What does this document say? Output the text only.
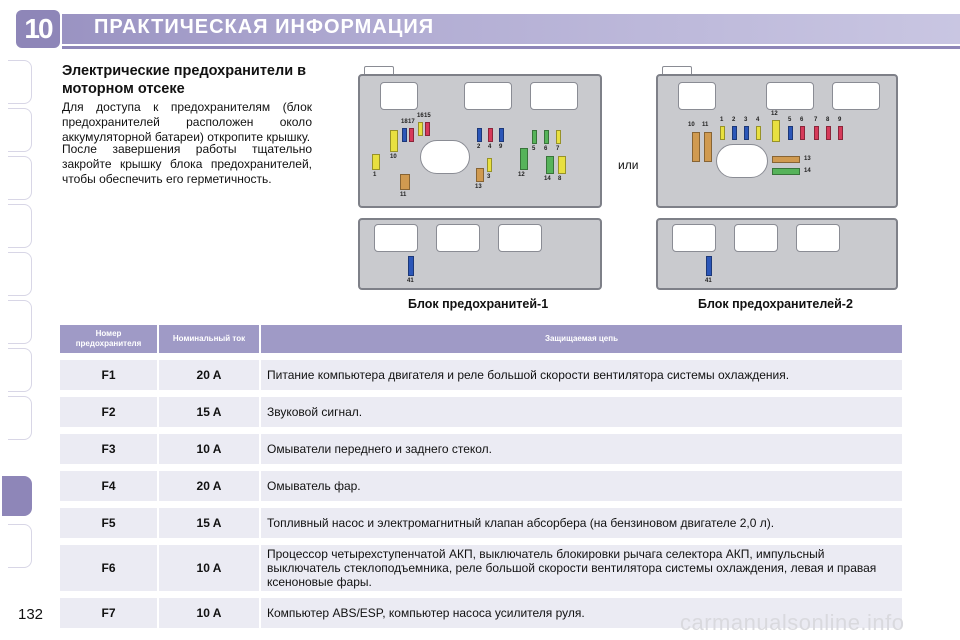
10	ПРАКТИЧЕСКАЯ ИНФОРМАЦИЯ
Электрические предохранители в моторном отсеке
Для доступа к предохранителям (блок предохранителей расположен около аккумуляторной батареи) откропите крышку.
После завершения работы тщательно закройте крышку блока предохранителей, чтобы обеспечить его герметичность.	1
10
18 17
16 15
2 4 9
12
5 6 7
14 8
3
13
11
41
или
10 11
1 2 3 4
12
5 6 7 8 9
13
14
41
Блок предохранитей-1	Блок предохранителей-2
Номер предохранителя	Номинальный ток	Защищаемая цепь

F1	20 A	Питание компьютера двигателя и реле большой скорости вентилятора системы охлаждения.

F2	15 A	Звуковой сигнал.

F3	10 A	Омыватели переднего и заднего стекол.

F4	20 A	Омыватель фар.

F5	15 A	Топливный насос и электромагнитный клапан абсорбера (на бензиновом двигателе 2,0 л).

F6	10 A	Процессор четырехступенчатой АКП, выключатель блокировки рычага селектора АКП, импульсный выключатель стеклоподъемника, реле большой скорости вентилятора системы охлаждения, левая и правая ксеноновые фары.

F7	10 A	Компьютер ABS/ESP, компьютер насоса усилителя руля.
132	carmanualsonline.info
